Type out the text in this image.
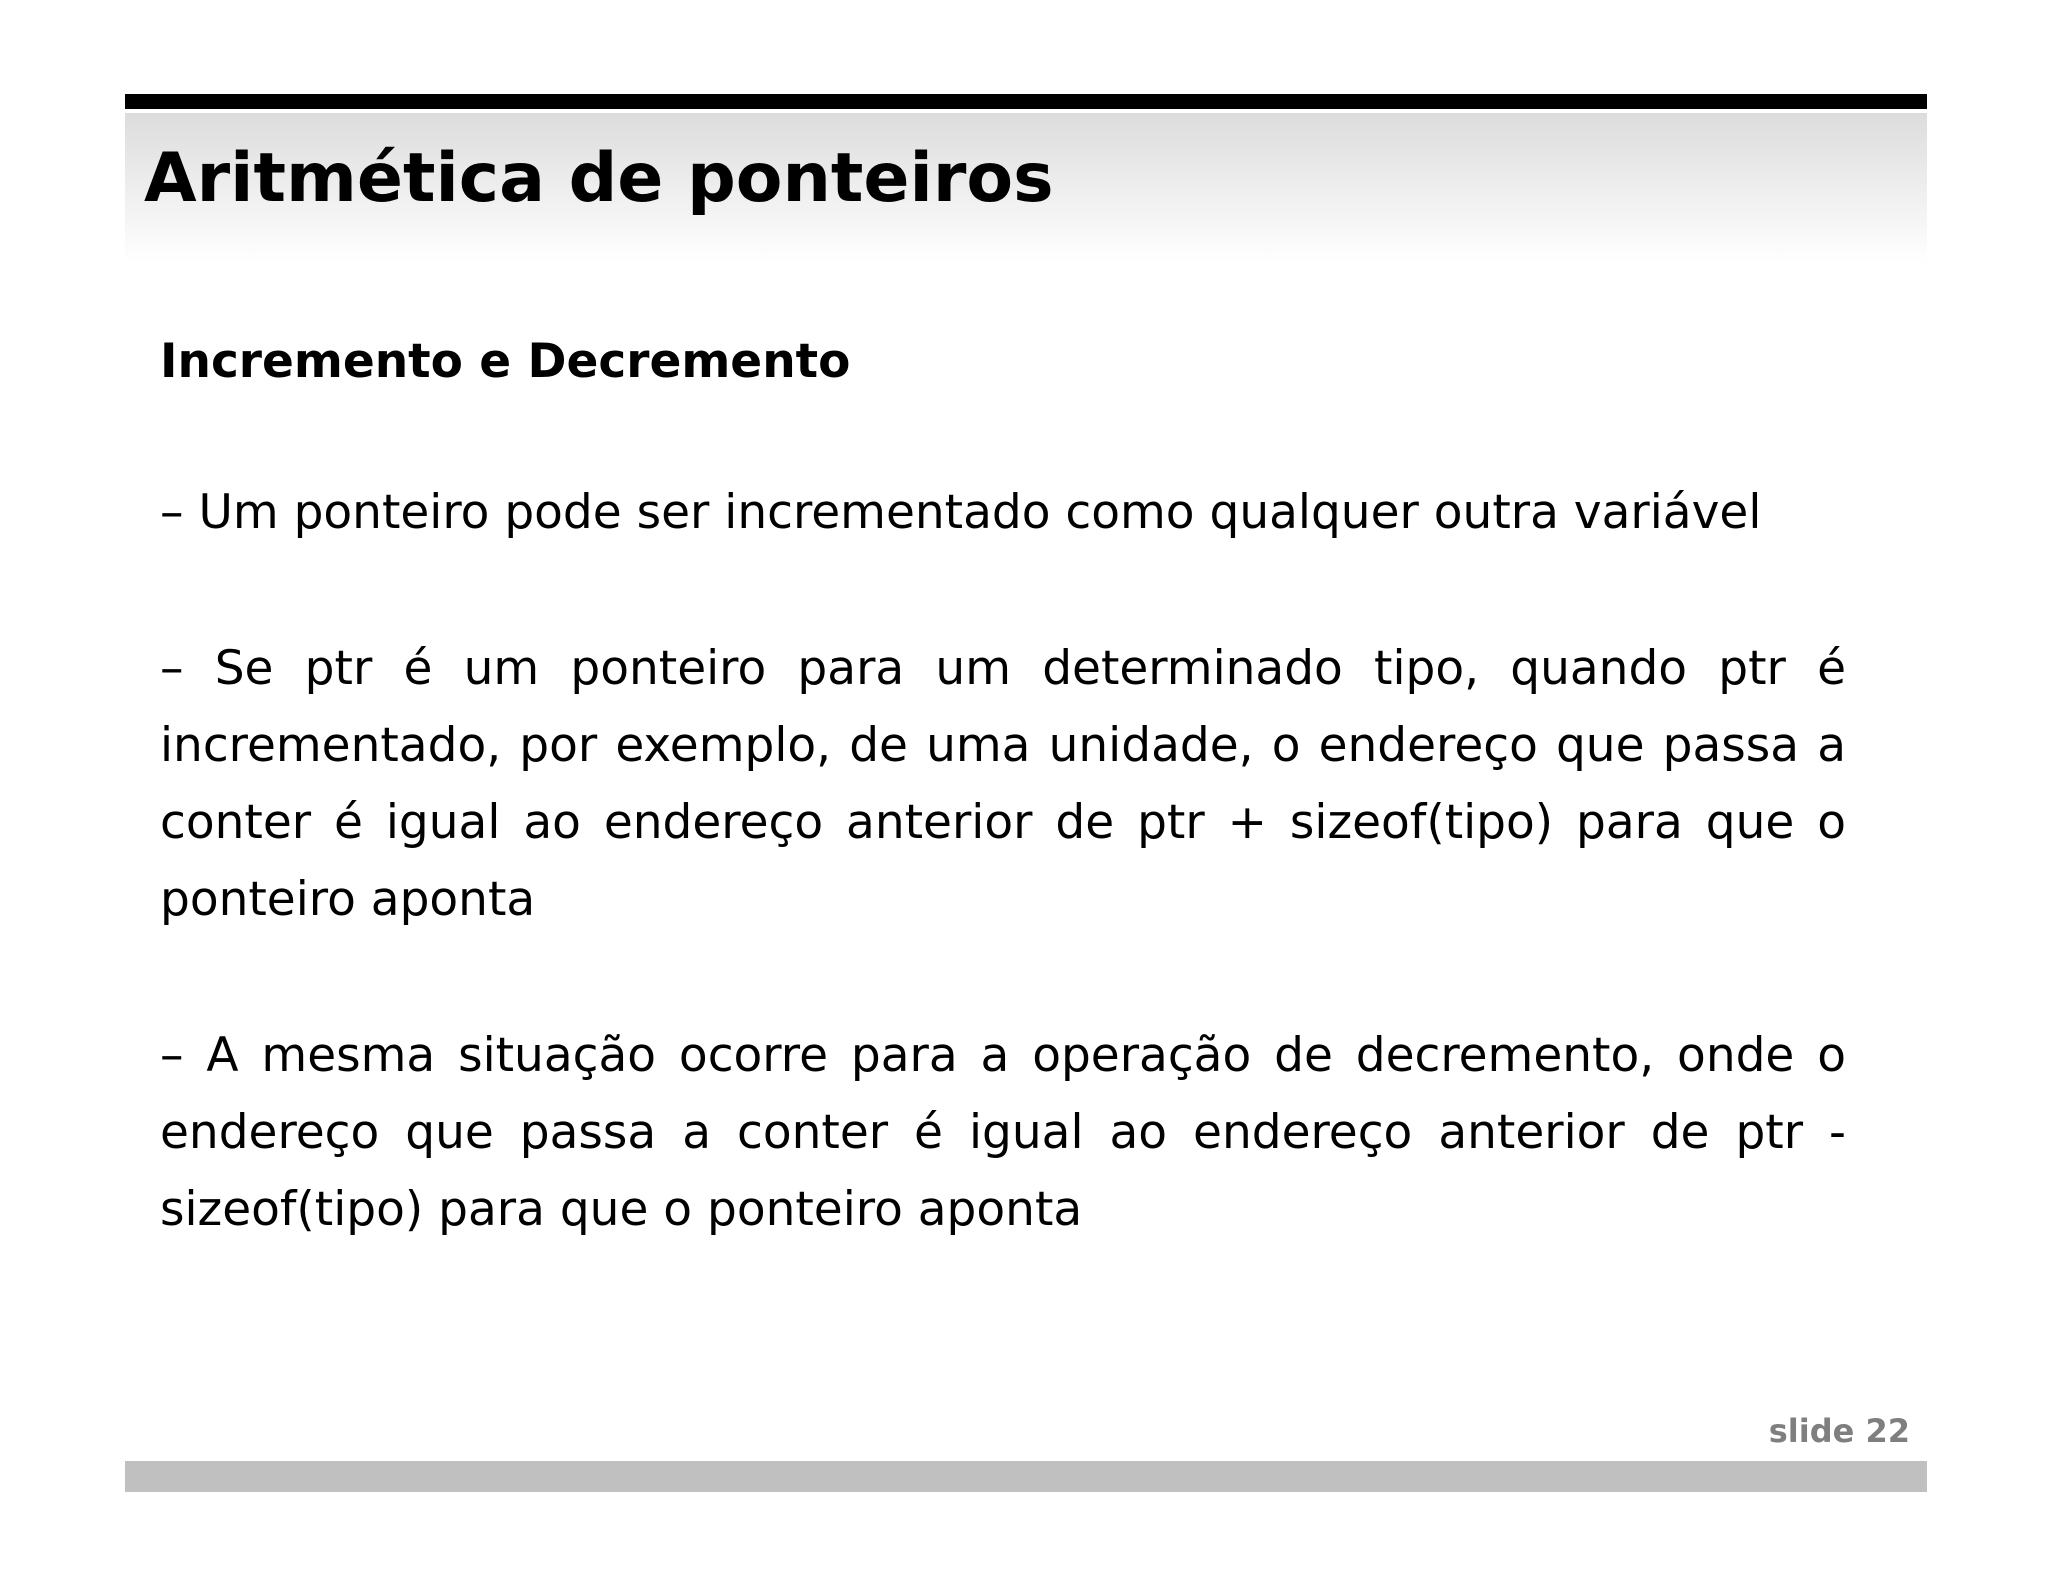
Aritmética de ponteiros
Incremento e Decremento

– Um ponteiro pode ser incrementado como qualquer outra variável

– Se ptr é um ponteiro para um determinado tipo, quando ptr é incrementado, por exemplo, de uma unidade, o endereço que passa a conter é igual ao endereço anterior de ptr + sizeof(tipo) para que o ponteiro aponta

– A mesma situação ocorre para a operação de decremento, onde o endereço que passa a conter é igual ao endereço anterior de ptr - sizeof(tipo) para que o ponteiro aponta

slide 22
